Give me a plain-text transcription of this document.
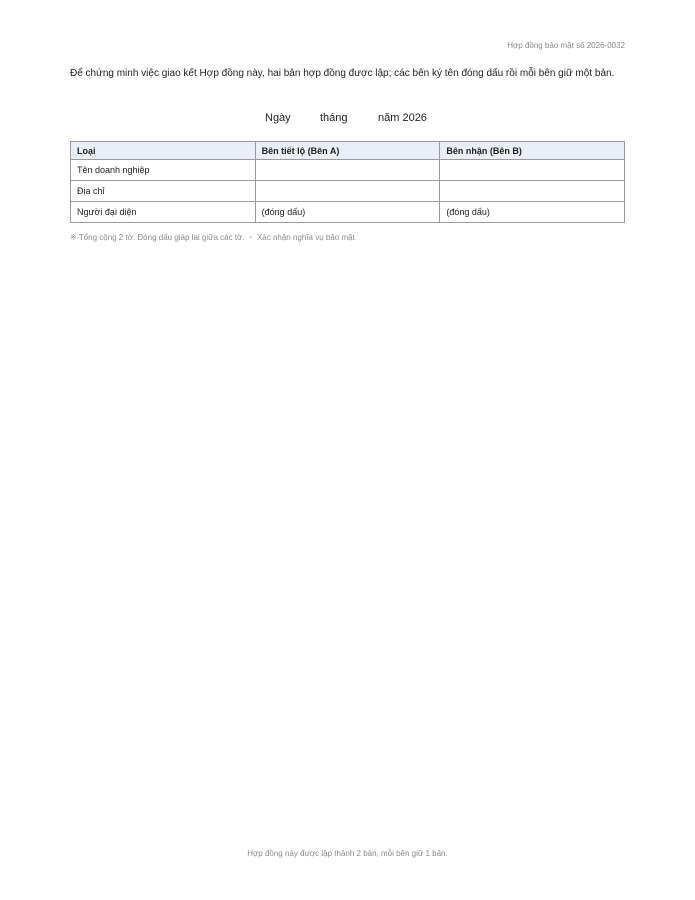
Hợp đồng bảo mật số 2026-0032

Để chứng minh việc giao kết Hợp đồng này, hai bản hợp đồng được lập; các bên ký tên đóng dấu rồi mỗi bên giữ một bản.

Ngày	tháng	năm 2026
Loại	Bên tiết lộ (Bên A)	Bên nhận (Bên B)
Tên doanh nghiệp		
Địa chỉ		
Người đại diện	(đóng dấu)	(đóng dấu)
※ Tổng cộng 2 tờ. Đóng dấu giáp lai giữa các tờ. ・ Xác nhận nghĩa vụ bảo mật
Hợp đồng này được lập thành 2 bản, mỗi bên giữ 1 bản.
